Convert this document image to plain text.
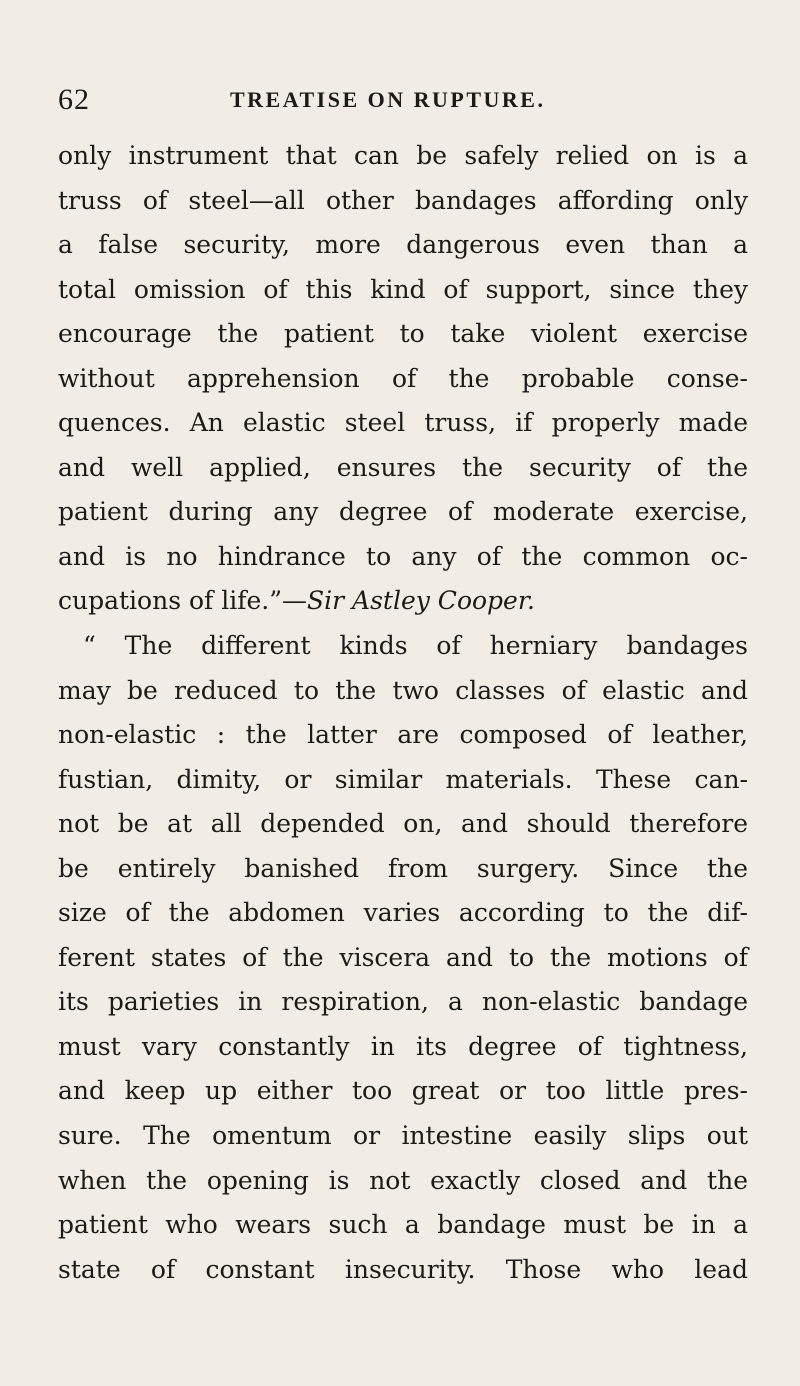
62	TREATISE ON RUPTURE.
only instrument that can be safely relied on is a
truss of steel—all other bandages affording only
a false security, more dangerous even than a
total omission of this kind of support, since they
encourage the patient to take violent exercise
without apprehension of the probable conse-
quences. An elastic steel truss, if properly made
and well applied, ensures the security of the
patient during any degree of moderate exercise,
and is no hindrance to any of the common oc-
cupations of life.”—Sir Astley Cooper.
“ The different kinds of herniary bandages
may be reduced to the two classes of elastic and
non-elastic : the latter are composed of leather,
fustian, dimity, or similar materials. These can-
not be at all depended on, and should therefore
be entirely banished from surgery. Since the
size of the abdomen varies according to the dif-
ferent states of the viscera and to the motions of
its parieties in respiration, a non-elastic bandage
must vary constantly in its degree of tightness,
and keep up either too great or too little pres-
sure. The omentum or intestine easily slips out
when the opening is not exactly closed and the
patient who wears such a bandage must be in a
state of constant insecurity. Those who lead
